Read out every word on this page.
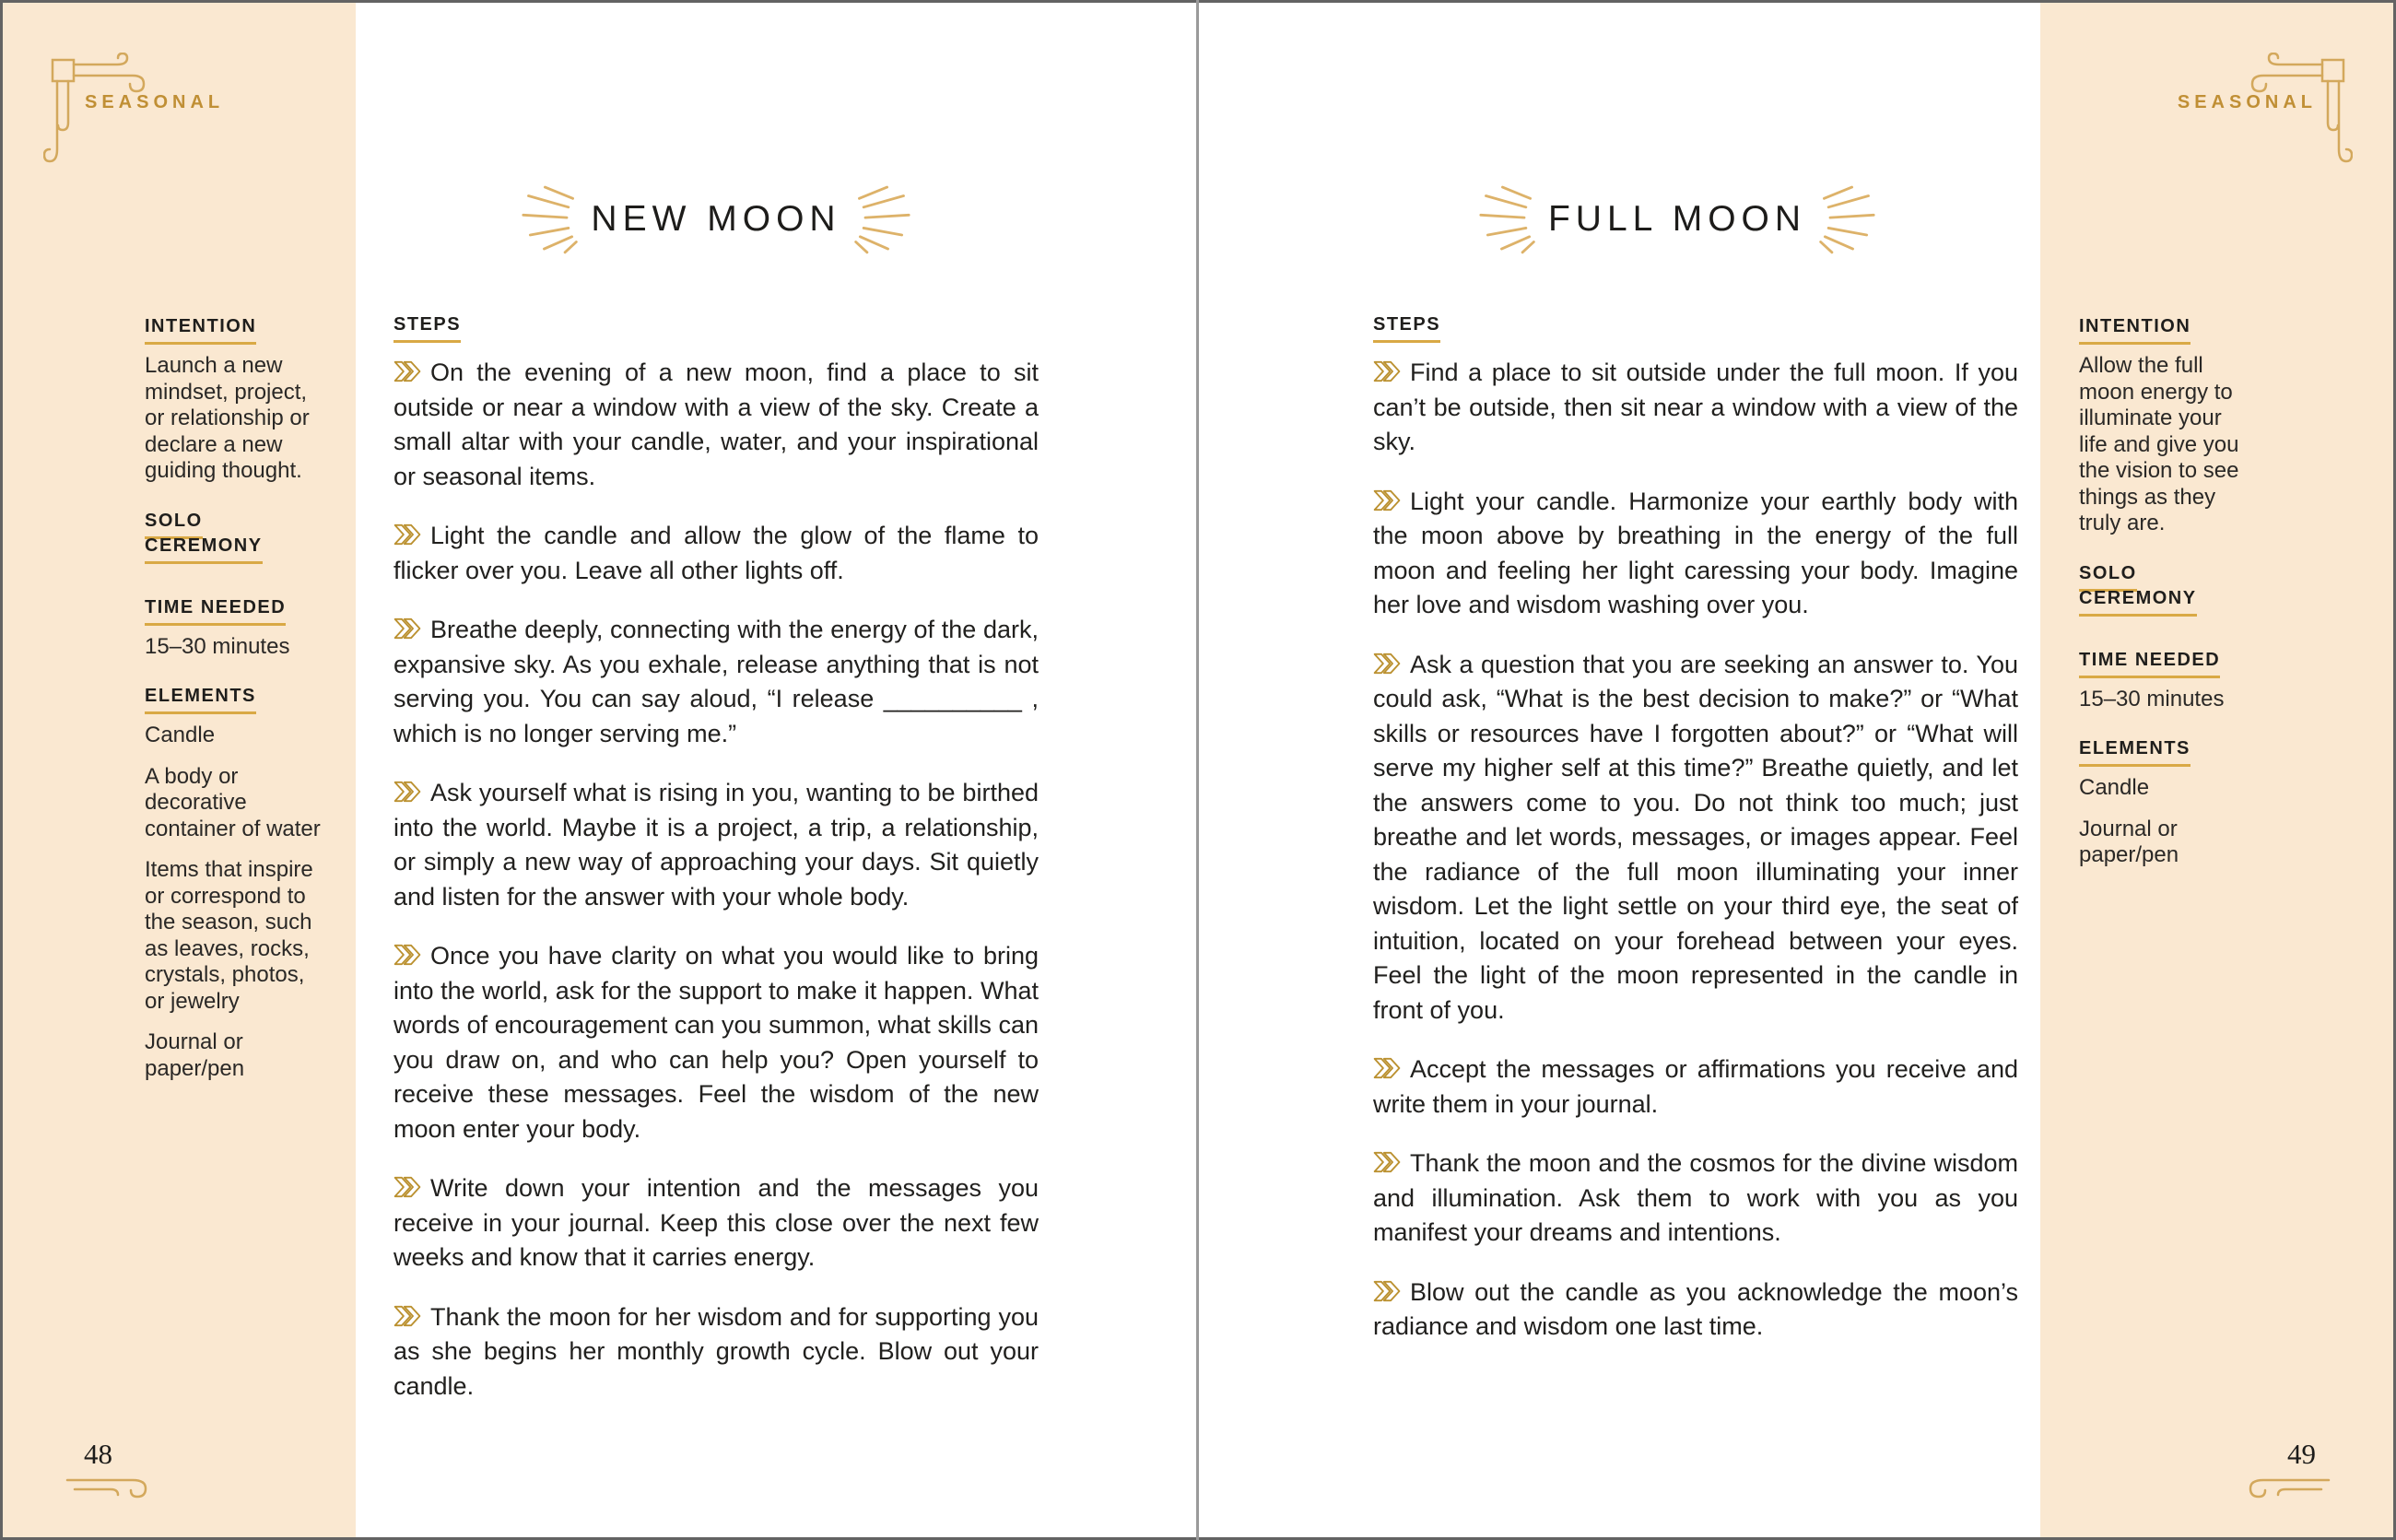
SEASONAL
NEW MOON

INTENTION

Launch a new mindset, project, or relationship or declare a new guiding thought.

SOLO CEREMONY

TIME NEEDED

15–30 minutes

ELEMENTS

Candle

A body or decorative container of water

Items that inspire or correspond to the season, such as leaves, rocks, crystals, photos, or jewelry

Journal or paper/pen

STEPS

On the evening of a new moon, find a place to sit outside or near a window with a view of the sky. Create a small altar with your candle, water, and your inspirational or seasonal items.

Light the candle and allow the glow of the flame to flicker over you. Leave all other lights off.

Breathe deeply, connecting with the energy of the dark, expansive sky. As you exhale, release anything that is not serving you. You can say aloud, “I release __________ , which is no longer serving me.”

Ask yourself what is rising in you, wanting to be birthed into the world. Maybe it is a project, a trip, a relationship, or simply a new way of approaching your days. Sit quietly and listen for the answer with your whole body.

Once you have clarity on what you would like to bring into the world, ask for the support to make it happen. What words of encouragement can you summon, what skills can you draw on, and who can help you? Open yourself to receive these messages. Feel the wisdom of the new moon enter your body.

Write down your intention and the messages you receive in your journal. Keep this close over the next few weeks and know that it carries energy.

Thank the moon for her wisdom and for supporting you as she begins her monthly growth cycle. Blow out your candle.

48
SEASONAL
FULL MOON

STEPS

Find a place to sit outside under the full moon. If you can’t be outside, then sit near a window with a view of the sky.

Light your candle. Harmonize your earthly body with the moon above by breathing in the energy of the full moon and feeling her light caressing your body. Imagine her love and wisdom washing over you.

Ask a question that you are seeking an answer to. You could ask, “What is the best decision to make?” or “What skills or resources have I forgotten about?” or “What will serve my higher self at this time?” Breathe quietly, and let the answers come to you. Do not think too much; just breathe and let words, messages, or images appear. Feel the radiance of the full moon illuminating your inner wisdom. Let the light settle on your third eye, the seat of intuition, located on your forehead between your eyes. Feel the light of the moon represented in the candle in front of you.

Accept the messages or affirmations you receive and write them in your journal.

Thank the moon and the cosmos for the divine wisdom and illumination. Ask them to work with you as you manifest your dreams and intentions.

Blow out the candle as you acknowledge the moon’s radiance and wisdom one last time.

INTENTION

Allow the full moon energy to illuminate your life and give you the vision to see things as they truly are.

SOLO CEREMONY

TIME NEEDED

15–30 minutes

ELEMENTS

Candle

Journal or paper/pen

49
